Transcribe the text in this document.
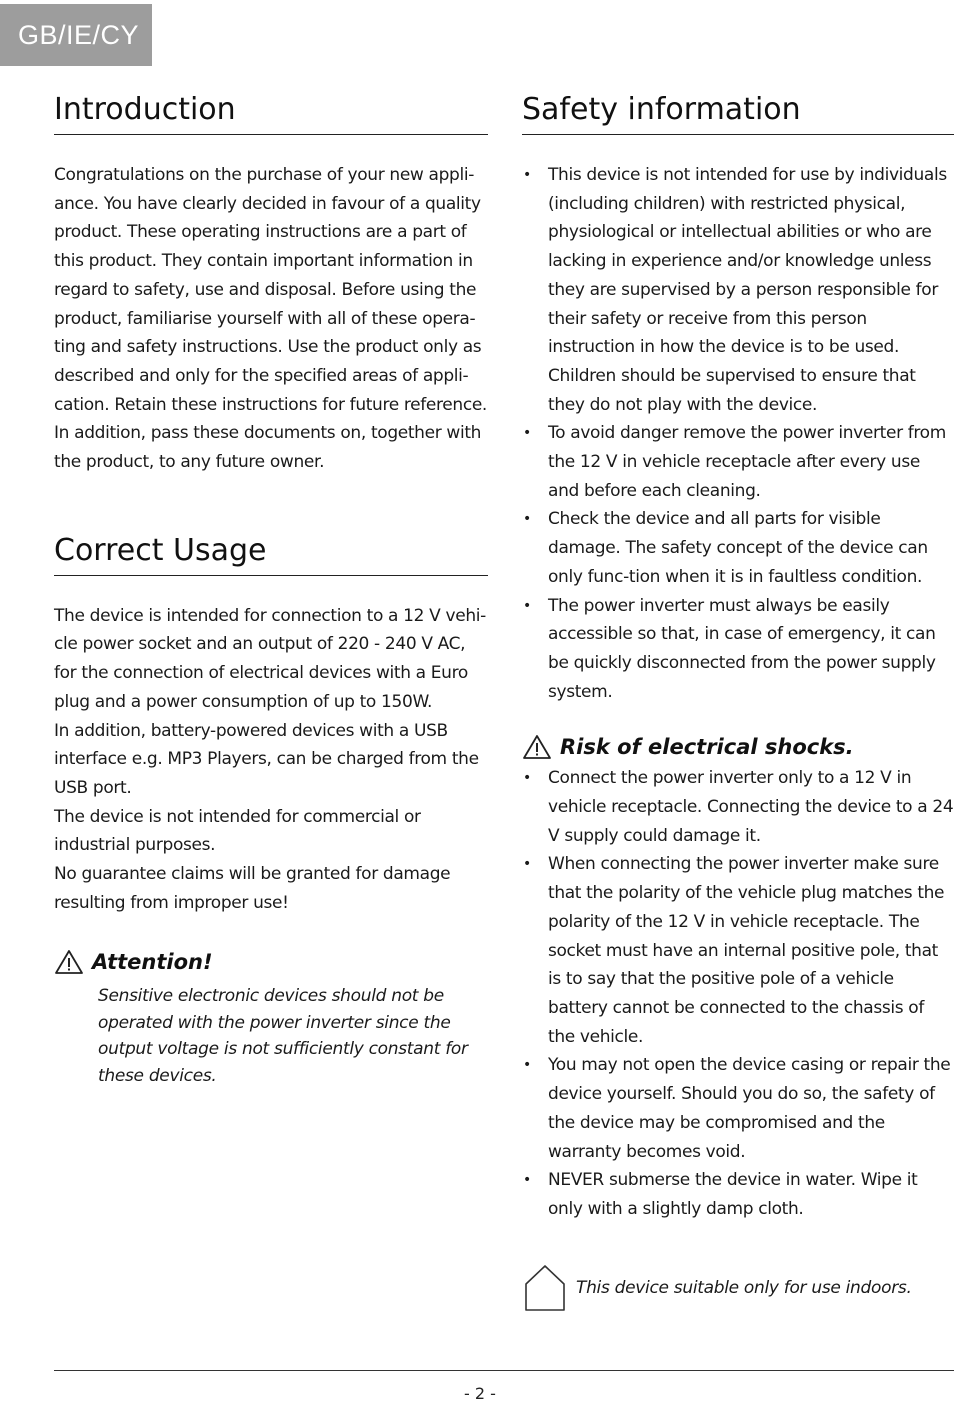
GB/IE/CY
Introduction

Congratulations on the purchase of your new appli-ance. You have clearly decided in favour of a quality product. These operating instructions are a part of this product. They contain important information in regard to safety, use and disposal. Before using the product, familiarise yourself with all of these opera-ting and safety instructions. Use the product only as described and only for the specified areas of appli-cation. Retain these instructions for future reference. In addition, pass these documents on, together with the product, to any future owner.

Correct Usage

The device is intended for connection to a 12 V vehi-cle power socket and an output of 220 - 240 V AC, for the connection of electrical devices with a Euro plug and a power consumption of up to 150W.

In addition, battery-powered devices with a USB interface e.g. MP3 Players, can be charged from the USB port.

The device is not intended for commercial or industrial purposes.

No guarantee claims will be granted for damage resulting from improper use!

Attention!

Sensitive electronic devices should not be operated with the power inverter since the output voltage is not sufficiently constant for these devices.

Safety information
• This device is not intended for use by individuals (including children) with restricted physical, physiological or intellectual abilities or who are lacking in experience and/or knowledge unless they are supervised by a person responsible for their safety or receive from this person instruction in how the device is to be used. Children should be supervised to ensure that they do not play with the device.
• To avoid danger remove the power inverter from the 12 V in vehicle receptacle after every use and before each cleaning.
• Check the device and all parts for visible damage. The safety concept of the device can only func-tion when it is in faultless condition.
• The power inverter must always be easily accessible so that, in case of emergency, it can be quickly disconnected from the power supply system.
Risk of electrical shocks.
• Connect the power inverter only to a 12 V in vehicle receptacle. Connecting the device to a 24 V supply could damage it.
• When connecting the power inverter make sure that the polarity of the vehicle plug matches the polarity of the 12 V in vehicle receptacle. The socket must have an internal positive pole, that is to say that the positive pole of a vehicle battery cannot be connected to the chassis of the vehicle.
• You may not open the device casing or repair the device yourself. Should you do so, the safety of the device may be compromised and the warranty becomes void.
• NEVER submerse the device in water. Wipe it only with a slightly damp cloth.
This device suitable only for use indoors.
- 2 -
